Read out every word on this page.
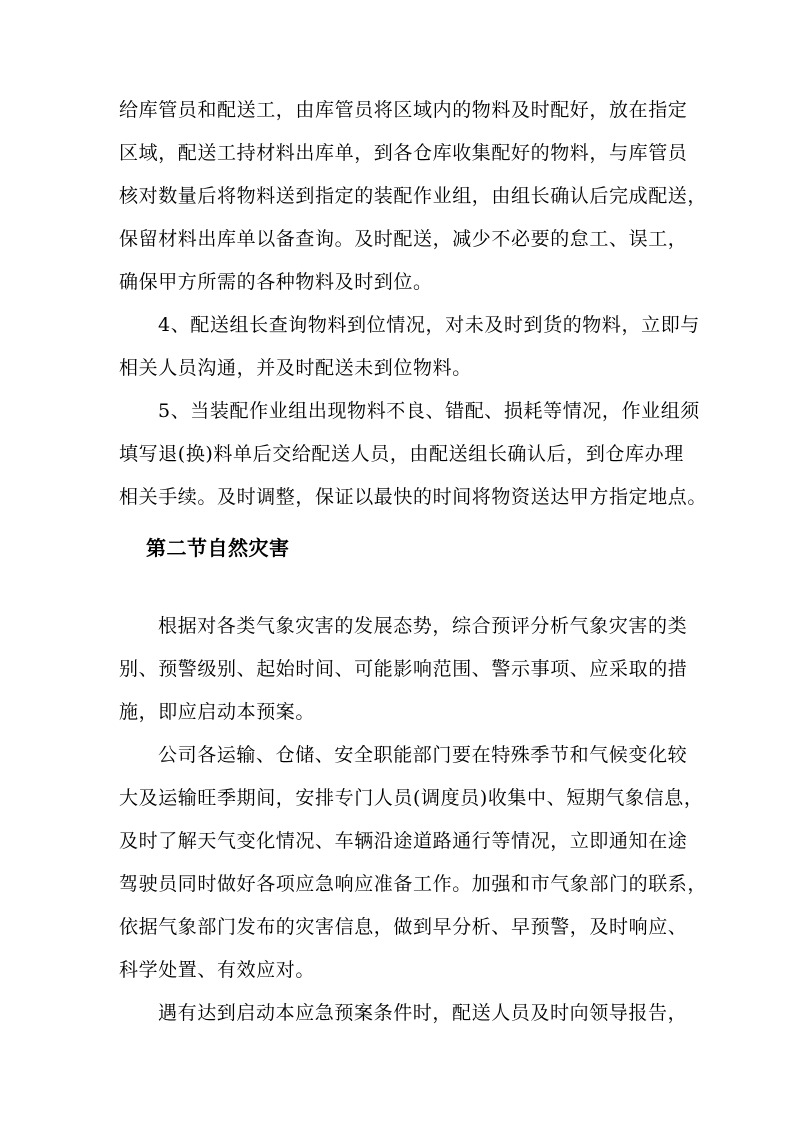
给库管员和配送工，由库管员将区域内的物料及时配好，放在指定
区域，配送工持材料出库单，到各仓库收集配好的物料，与库管员
核对数量后将物料送到指定的装配作业组，由组长确认后完成配送，
保留材料出库单以备查询。及时配送，减少不必要的怠工、误工，
确保甲方所需的各种物料及时到位。
4、配送组长查询物料到位情况，对未及时到货的物料，立即与
相关人员沟通，并及时配送未到位物料。
5、当装配作业组出现物料不良、错配、损耗等情况，作业组须
填写退(换)料单后交给配送人员，由配送组长确认后，到仓库办理
相关手续。及时调整，保证以最快的时间将物资送达甲方指定地点。
第二节自然灾害
根据对各类气象灾害的发展态势，综合预评分析气象灾害的类
别、预警级别、起始时间、可能影响范围、警示事项、应采取的措
施，即应启动本预案。
公司各运输、仓储、安全职能部门要在特殊季节和气候变化较
大及运输旺季期间，安排专门人员(调度员)收集中、短期气象信息，
及时了解天气变化情况、车辆沿途道路通行等情况，立即通知在途
驾驶员同时做好各项应急响应准备工作。加强和市气象部门的联系，
依据气象部门发布的灾害信息，做到早分析、早预警，及时响应、
科学处置、有效应对。
遇有达到启动本应急预案条件时，配送人员及时向领导报告，
